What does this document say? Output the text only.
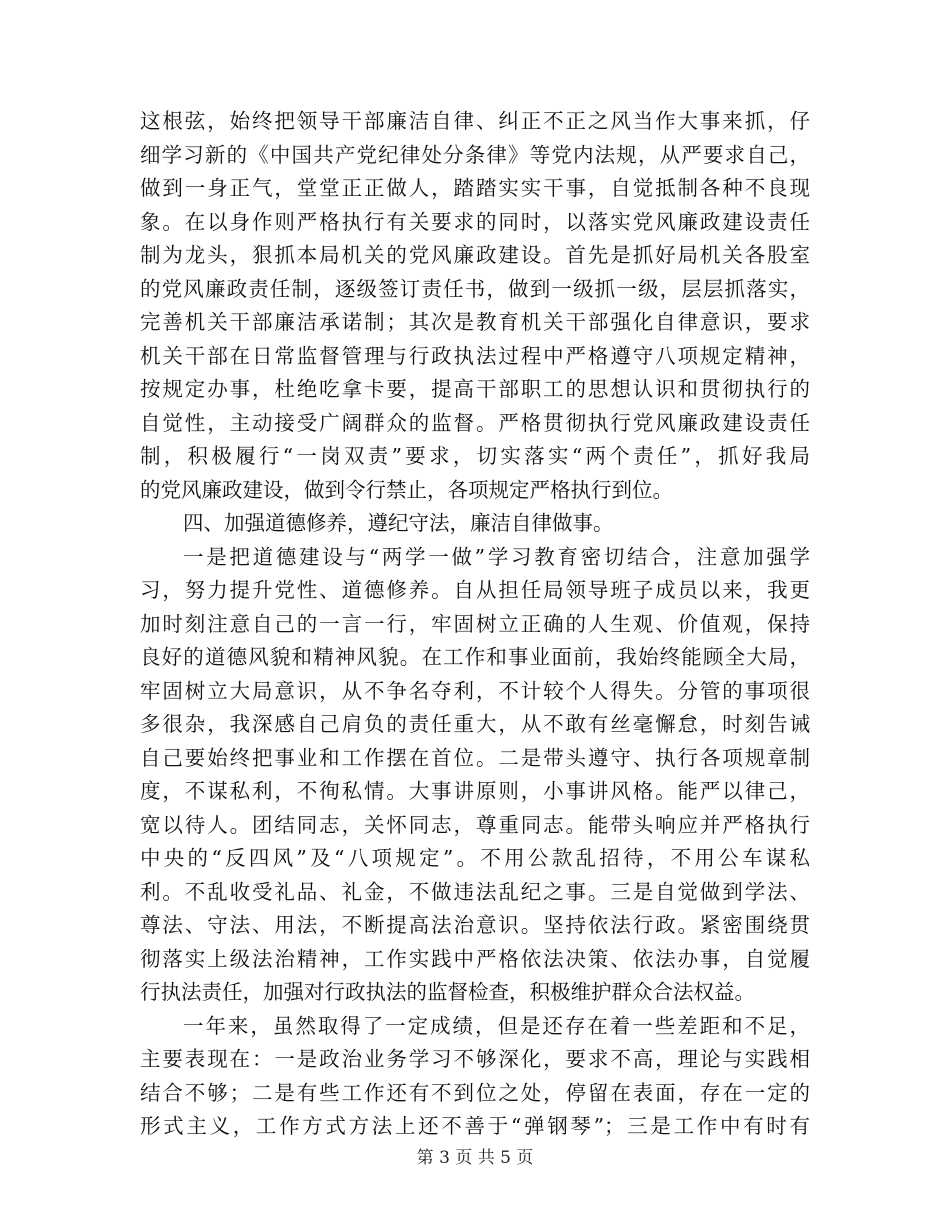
这根弦，始终把领导干部廉洁自律、纠正不正之风当作大事来抓，仔
细学习新的《中国共产党纪律处分条律》等党内法规，从严要求自己，
做到一身正气，堂堂正正做人，踏踏实实干事，自觉抵制各种不良现
象。在以身作则严格执行有关要求的同时，以落实党风廉政建设责任
制为龙头，狠抓本局机关的党风廉政建设。首先是抓好局机关各股室
的党风廉政责任制，逐级签订责任书，做到一级抓一级，层层抓落实，
完善机关干部廉洁承诺制；其次是教育机关干部强化自律意识，要求
机关干部在日常监督管理与行政执法过程中严格遵守八项规定精神，
按规定办事，杜绝吃拿卡要，提高干部职工的思想认识和贯彻执行的
自觉性，主动接受广阔群众的监督。严格贯彻执行党风廉政建设责任
制，积极履行“一岗双责”要求，切实落实“两个责任”，抓好我局
的党风廉政建设，做到令行禁止，各项规定严格执行到位。
四、加强道德修养，遵纪守法，廉洁自律做事。
一是把道德建设与“两学一做”学习教育密切结合，注意加强学
习，努力提升党性、道德修养。自从担任局领导班子成员以来，我更
加时刻注意自己的一言一行，牢固树立正确的人生观、价值观，保持
良好的道德风貌和精神风貌。在工作和事业面前，我始终能顾全大局，
牢固树立大局意识，从不争名夺利，不计较个人得失。分管的事项很
多很杂，我深感自己肩负的责任重大，从不敢有丝毫懈怠，时刻告诫
自己要始终把事业和工作摆在首位。二是带头遵守、执行各项规章制
度，不谋私利，不徇私情。大事讲原则，小事讲风格。能严以律己，
宽以待人。团结同志，关怀同志，尊重同志。能带头响应并严格执行
中央的“反四风”及“八项规定”。不用公款乱招待，不用公车谋私
利。不乱收受礼品、礼金，不做违法乱纪之事。三是自觉做到学法、
尊法、守法、用法，不断提高法治意识。坚持依法行政。紧密围绕贯
彻落实上级法治精神，工作实践中严格依法决策、依法办事，自觉履
行执法责任，加强对行政执法的监督检查，积极维护群众合法权益。
一年来，虽然取得了一定成绩，但是还存在着一些差距和不足，
主要表现在：一是政治业务学习不够深化，要求不高，理论与实践相
结合不够；二是有些工作还有不到位之处，停留在表面，存在一定的
形式主义，工作方式方法上还不善于“弹钢琴”；三是工作中有时有
第 3 页 共 5 页
